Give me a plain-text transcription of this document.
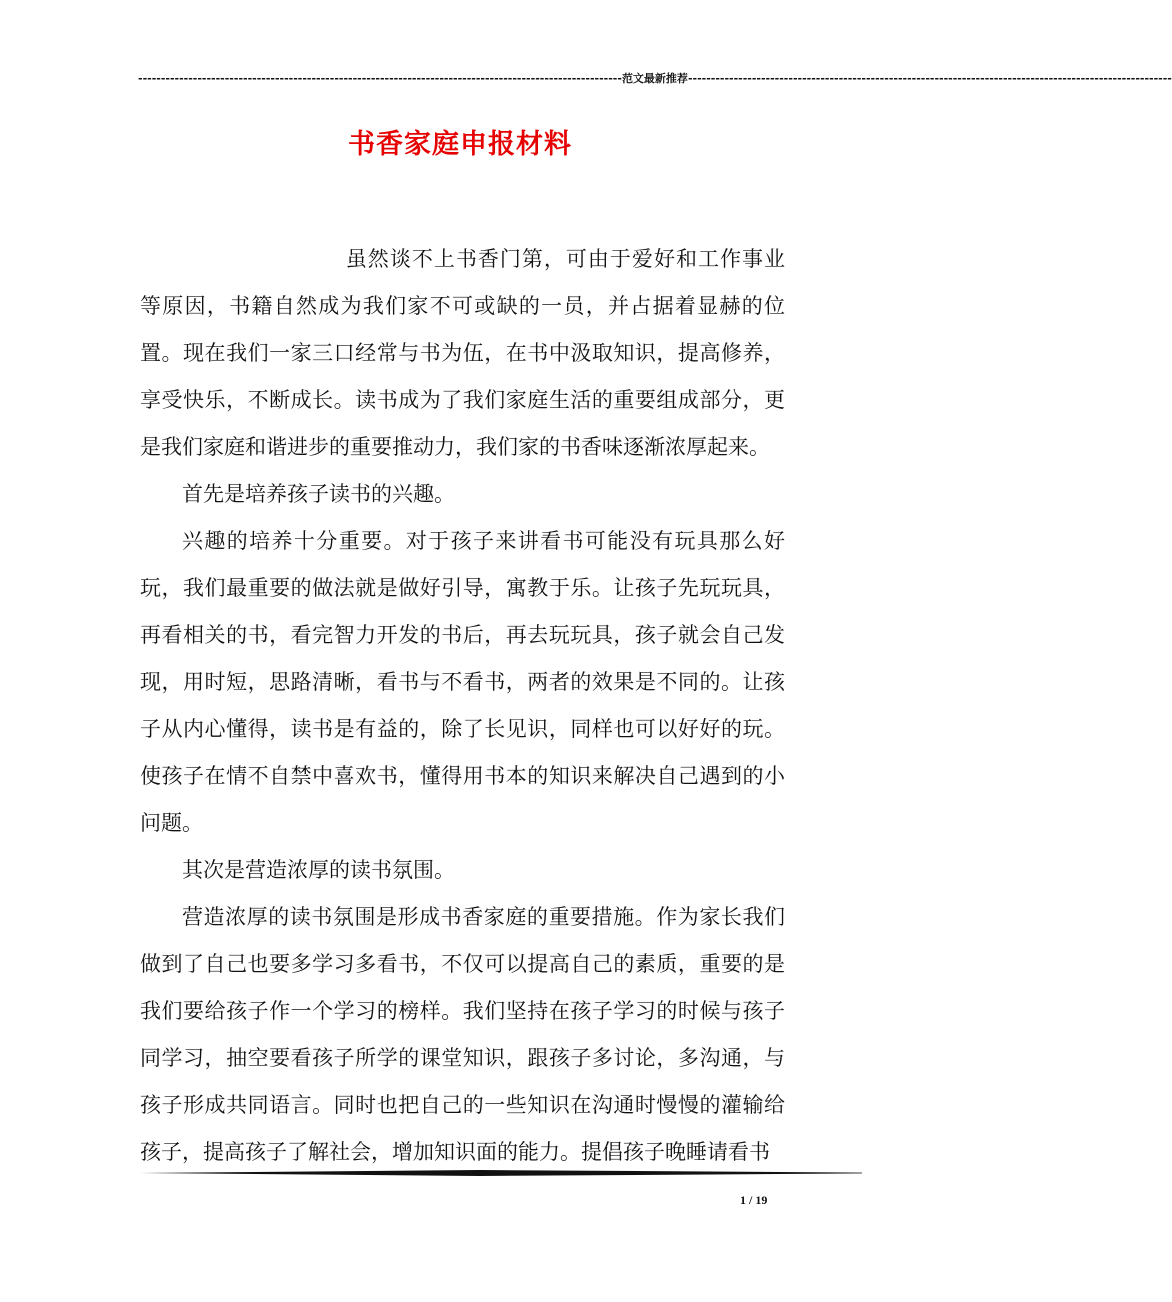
---------------------------------------------------------------------------------------------------------- 范文最新推荐 ----------------------------------------------------------------------------------------------------------
书香家庭申报材料

虽然谈不上书香门第，可由于爱好和工作事业等原因，书籍自然成为我们家不可或缺的一员，并占据着显赫的位置。现在我们一家三口经常与书为伍，在书中汲取知识，提高修养，享受快乐，不断成长。读书成为了我们家庭生活的重要组成部分，更是我们家庭和谐进步的重要推动力，我们家的书香味逐渐浓厚起来。

首先是培养孩子读书的兴趣。

兴趣的培养十分重要。对于孩子来讲看书可能没有玩具那么好玩，我们最重要的做法就是做好引导，寓教于乐。让孩子先玩玩具，再看相关的书，看完智力开发的书后，再去玩玩具，孩子就会自己发现，用时短，思路清晰，看书与不看书，两者的效果是不同的。让孩子从内心懂得，读书是有益的，除了长见识，同样也可以好好的玩。使孩子在情不自禁中喜欢书，懂得用书本的知识来解决自己遇到的小问题。

其次是营造浓厚的读书氛围。

营造浓厚的读书氛围是形成书香家庭的重要措施。作为家长我们做到了自己也要多学习多看书，不仅可以提高自己的素质，重要的是我们要给孩子作一个学习的榜样。我们坚持在孩子学习的时候与孩子同学习，抽空要看孩子所学的课堂知识，跟孩子多讨论，多沟通，与孩子形成共同语言。同时也把自己的一些知识在沟通时慢慢的灌输给孩子，提高孩子了解社会，增加知识面的能力。提倡孩子晚睡请看书

1 / 19
